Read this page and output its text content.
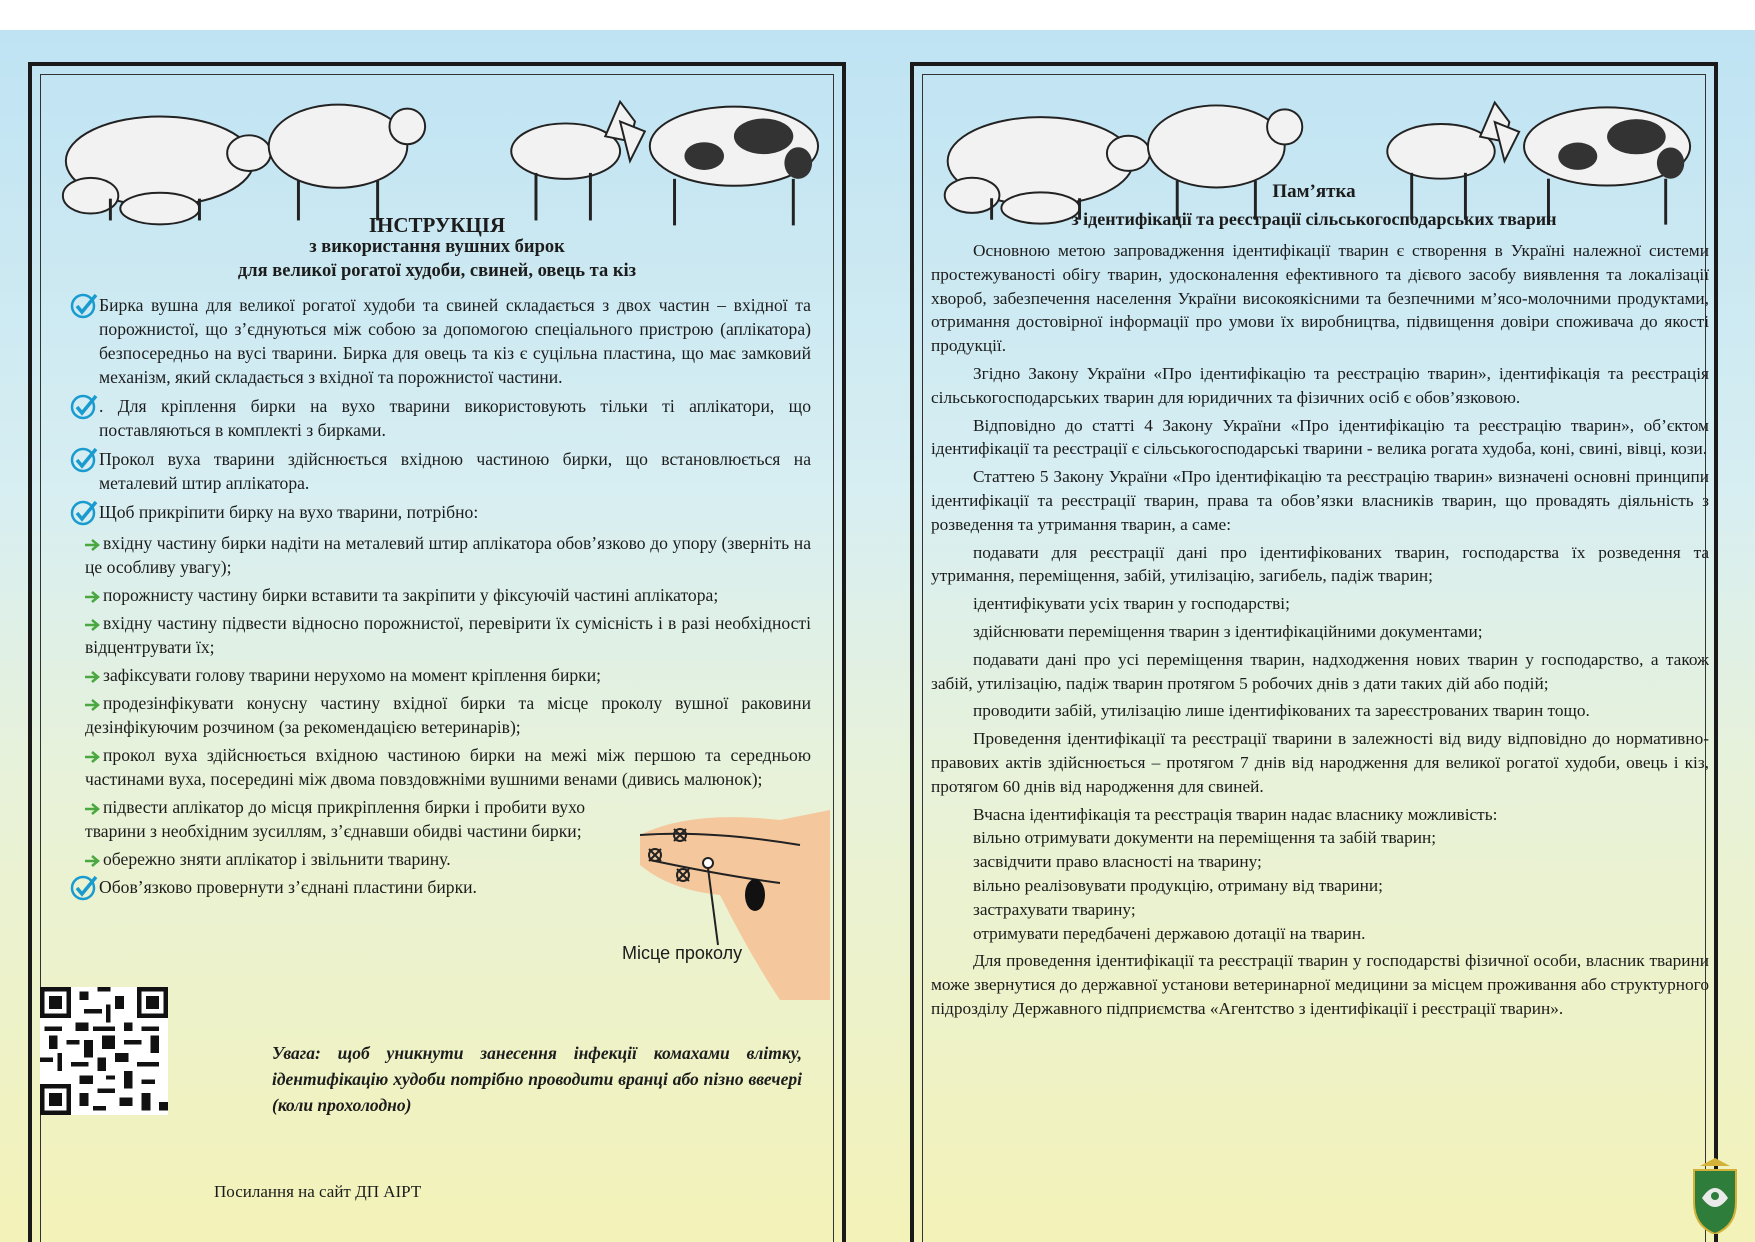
ІНСТРУКЦІЯ
з використання вушних бирок
для великої рогатої худоби, свиней, овець та кіз
Бирка вушна для великої рогатої худоби та свиней складається з двох частин – вхідної та порожнистої, що з’єднуються між собою за допомогою спеціального пристрою (аплікатора) безпосередньо на вусі тварини. Бирка для овець та кіз є суцільна пластина, що має замковий механізм, який складається з вхідної та порожнистої частини.
. Для кріплення бирки на вухо тварини використовують тільки ті аплікатори, що поставляються в комплекті з бирками.
Прокол вуха тварини здійснюється вхідною частиною бирки, що встановлюється на металевий штир аплікатора.
Щоб прикріпити бирку на вухо тварини, потрібно:

вхідну частину бирки надіти на металевий штир аплікатора обов’язково до упору (зверніть на це особливу увагу);

порожнисту частину бирки вставити та закріпити у фіксуючій частині аплікатора;

вхідну частину підвести відносно порожнистої, перевірити їх сумісність і в разі необхідності відцентрувати їх;

зафіксувати голову тварини нерухомо на момент кріплення бирки;

продезінфікувати конусну частину вхідної бирки та місце проколу вушної раковини дезінфікуючим розчином (за рекомендацією ветеринарів);

прокол вуха здійснюється вхідною частиною бирки на межі між першою та середньою частинами вуха, посередині між двома повздовжніми вушними венами (дивись малюнок);

підвести аплікатор до місця прикріплення бирки і пробити вухо тварини з необхідним зусиллям, з’єднавши обидві частини бирки;

обережно зняти аплікатор і звільнити тварину.

Обов’язково провернути з’єднані пластини бирки.
Місце проколу
Увага: щоб уникнути занесення інфекції комахами влітку, ідентифікацію худоби потрібно проводити вранці або пізно ввечері (коли прохолодно)
Посилання на сайт ДП АІРТ
Пам’ятка
з ідентифікації та реєстрації сільськогосподарських тварин

Основною метою запровадження ідентифікації тварин є створення в Україні належної системи простежуваності обігу тварин, удосконалення ефективного та дієвого засобу виявлення та локалізації хвороб, забезпечення населення України високоякісними та безпечними м’ясо-молочними продуктами, отримання достовірної інформації про умови їх виробництва, підвищення довіри споживача до якості продукції.

Згідно Закону України «Про ідентифікацію та реєстрацію тварин», ідентифікація та реєстрація сільськогосподарських тварин для юридичних та фізичних осіб є обов’язковою.

Відповідно до статті 4 Закону України «Про ідентифікацію та реєстрацію тварин», об’єктом ідентифікації та реєстрації є сільськогосподарські тварини - велика рогата худоба, коні, свині, вівці, кози.

Статтею 5 Закону України «Про ідентифікацію та реєстрацію тварин» визначені основні принципи ідентифікації та реєстрації тварин, права та обов’язки власників тварин, що провадять діяльність з розведення та утримання тварин, а саме:

подавати для реєстрації дані про ідентифікованих тварин, господарства їх розведення та утримання, переміщення, забій, утилізацію, загибель, падіж тварин;

ідентифікувати усіх тварин у господарстві;

здійснювати переміщення тварин з ідентифікаційними документами;

подавати дані про усі переміщення тварин, надходження нових тварин у господарство, а також забій, утилізацію, падіж тварин протягом 5 робочих днів з дати таких дій або подій;

проводити забій, утилізацію лише ідентифікованих та зареєстрованих тварин тощо.

Проведення ідентифікації та реєстрації тварини в залежності від виду відповідно до нормативно-правових актів здійснюється – протягом 7 днів від народження для великої рогатої худоби, овець і кіз, протягом 60 днів від народження для свиней.

Вчасна ідентифікація та реєстрація тварин надає власнику можливість:
вільно отримувати документи на переміщення та забій тварин;
засвідчити право власності на тварину;
вільно реалізовувати продукцію, отриману від тварини;
застрахувати тварину;
отримувати передбачені державою дотації на тварин.

Для проведення ідентифікації та реєстрації тварин у господарстві фізичної особи, власник тварини може звернутися до державної установи ветеринарної медицини за місцем проживання або структурного підрозділу Державного підприємства «Агентство з ідентифікації і реєстрації тварин».
